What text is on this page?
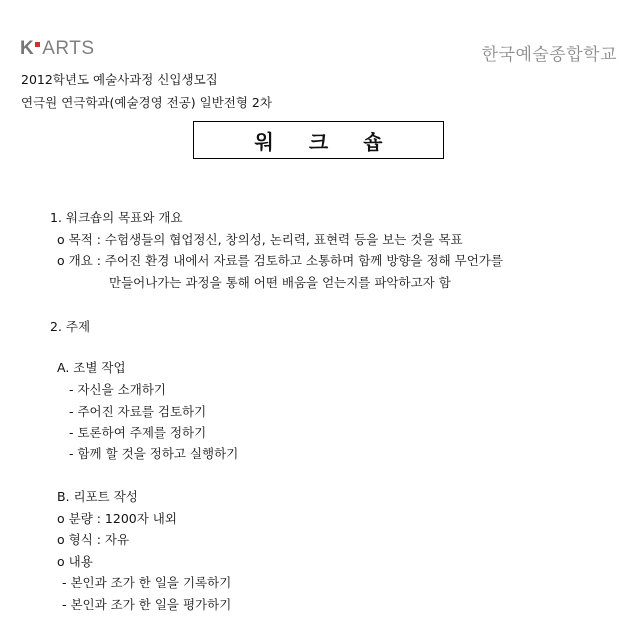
K ARTS	한국예술종합학교
2012학년도 예술사과정 신입생모집
연극원 연극학과(예술경영 전공) 일반전형 2차
워 크 숍
1. 워크숍의 목표와 개요
o 목적 : 수험생들의 협업정신, 창의성, 논리력, 표현력 등을 보는 것을 목표
o 개요 : 주어진 환경 내에서 자료를 검토하고 소통하며 함께 방향을 정해 무언가를
만들어나가는 과정을 통해 어떤 배움을 얻는지를 파악하고자 함
2. 주제
A. 조별 작업
- 자신을 소개하기
- 주어진 자료를 검토하기
- 토론하여 주제를 정하기
- 함께 할 것을 정하고 실행하기
B. 리포트 작성
o 분량 : 1200자 내외
o 형식 : 자유
o 내용
- 본인과 조가 한 일을 기록하기
- 본인과 조가 한 일을 평가하기
